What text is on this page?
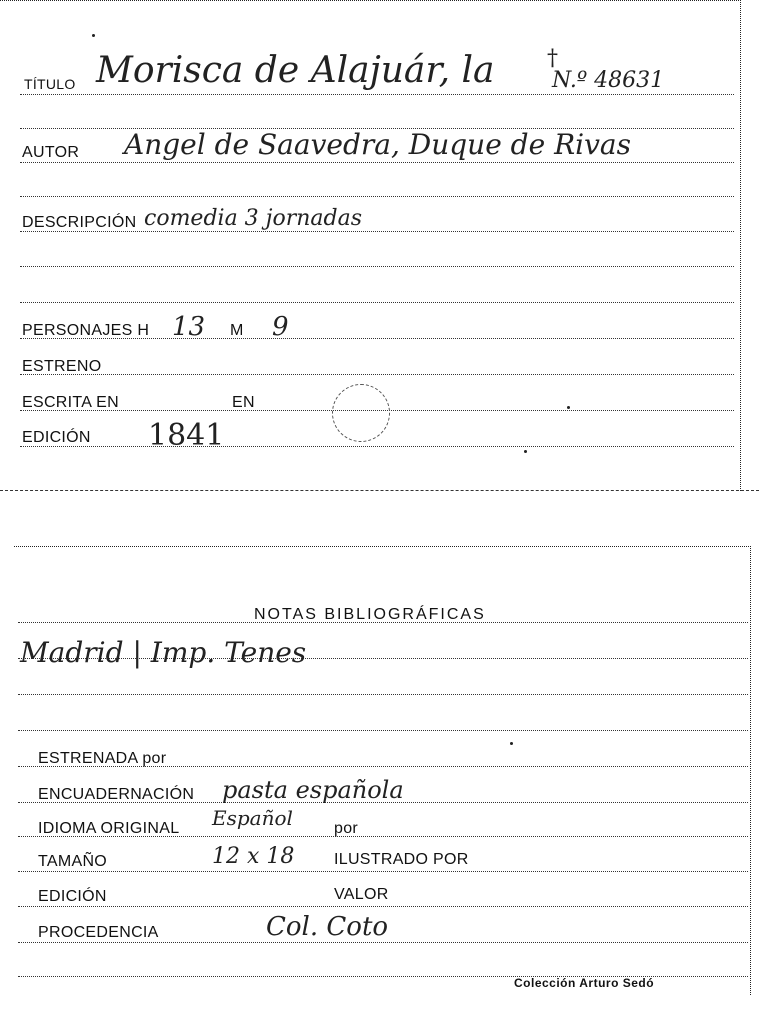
TÍTULO Morisca de Alajuár, la †
N.º 48631
AUTOR Angel de Saavedra, Duque de Rivas
DESCRIPCIÓN comedia 3 jornadas
PERSONAJES H 13 M 9
ESTRENO
ESCRITA EN	EN
EDICIÓN 1841
NOTAS BIBLIOGRÁFICAS
Madrid | Imp. Tenes
ESTRENADA por
ENCUADERNACIÓN pasta española
IDIOMA ORIGINAL Español	por
TAMAÑO	12 x 18 ILUSTRADO POR
EDICIÓN	VALOR
PROCEDENCIA	Col. Coto
Colección Arturo Sedó
